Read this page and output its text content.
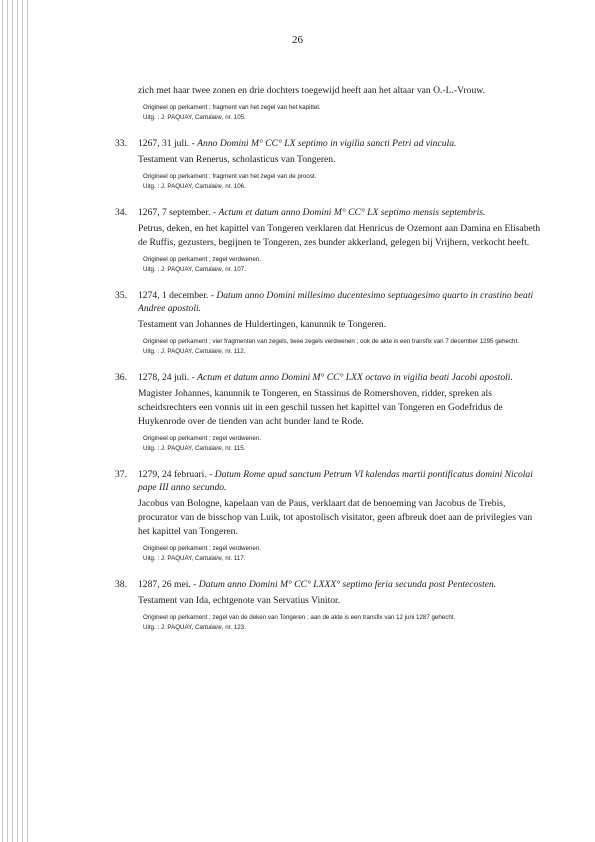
26
zich met haar twee zonen en drie dochters toegewijd heeft aan het altaar van O.-L.-Vrouw.
Origineel op perkament ; fragment van het zegel van het kapittel.
Uitg. : J. PAQUAY, Cartulaire, nr. 105.
33.	1267, 31 juli. - Anno Domini M° CC° LX septimo in vigilia sancti Petri ad vincula.
Testament van Renerus, scholasticus van Tongeren.
Origineel op perkament ; fragment van het zegel van de proost.
Uitg. : J. PAQUAY, Cartulaire, nr. 106.
34.	1267, 7 september. - Actum et datum anno Domini M° CC° LX septimo mensis septembris.
Petrus, deken, en het kapittel van Tongeren verklaren dat Henricus de Ozemont aan Damina en Elisabeth de Ruffis, gezusters, begijnen te Tongeren, zes bunder akkerland, gelegen bij Vrijhern, verkocht heeft.
Origineel op perkament ; zegel verdwenen.
Uitg. : J. PAQUAY, Cartulaire, nr. 107.
35.	1274, 1 december. - Datum anno Domini millesimo ducentesimo septuagesimo quarto in crastino beati Andree apostoli.
Testament van Johannes de Huldertingen, kanunnik te Tongeren.
Origineel op perkament ; vier fragmenten van zegels, twee zegels verdwenen ; ook de akte is een transfix van 7 december 1295 gehecht.
Uitg. : J. PAQUAY, Cartulaire, nr. 112.
36.	1278, 24 juli. - Actum et datum anno Domini M° CC° LXX octavo in vigilia beati Jacobi apostoli.
Magister Johannes, kanunnik te Tongeren, en Stassinus de Romershoven, ridder, spreken als scheidsrechters een vonnis uit in een geschil tussen het kapittel van Tongeren en Godefridus de Huykenrode over de tienden van acht bunder land te Rode.
Origineel op perkament ; zegel verdwenen.
Uitg. : J. PAQUAY, Cartulaire, nr. 115.
37.	1279, 24 februari. - Datum Rome apud sanctum Petrum VI kalendas martii pontificatus domini Nicolai pape III anno secundo.
Jacobus van Bologne, kapelaan van de Paus, verklaart dat de benoeming van Jacobus de Trebis, procurator van de bisschop van Luik, tot apostolisch visitator, geen afbreuk doet aan de privilegies van het kapittel van Tongeren.
Origineel op perkament ; zegel verdwenen.
Uitg. : J. PAQUAY, Cartulaire, nr. 117.
38.	1287, 26 mei. - Datum anno Domini M° CC° LXXX° septimo feria secunda post Pentecosten.
Testament van Ida, echtgenote van Servatius Vinitor.
Origineel op perkament ; zegel van de deken van Tongeren ; aan de akte is een transfix van 12 juni 1287 gehecht.
Uitg. : J. PAQUAY, Cartulaire, nr. 123.
